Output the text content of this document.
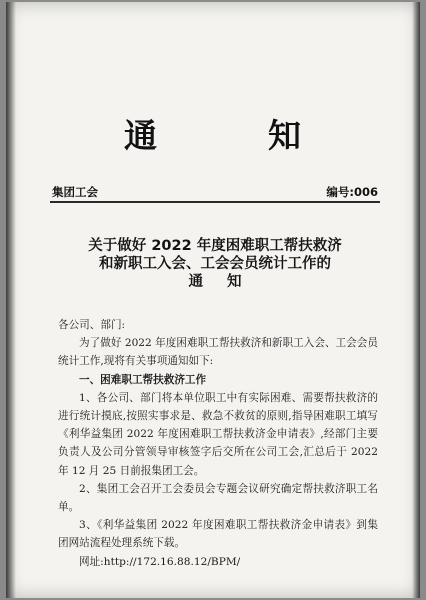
通	知
集团工会	编号:006
关于做好 2022 年度困难职工帮扶救济
和新职工入会、工会会员统计工作的
通知

各公司、部门:

为了做好 2022 年度困难职工帮扶救济和新职工入会、工会会员统计工作,现将有关事项通知如下:

一、困难职工帮扶救济工作

1、各公司、部门将本单位职工中有实际困难、需要帮扶救济的进行统计摸底,按照实事求是、救急不救贫的原则,指导困难职工填写《利华益集团 2022 年度困难职工帮扶救济金申请表》,经部门主要负责人及公司分管领导审核签字后交所在公司工会,汇总后于 2022 年 12 月 25 日前报集团工会。

2、集团工会召开工会委员会专题会议研究确定帮扶救济职工名单。

3、《利华益集团 2022 年度困难职工帮扶救济金申请表》到集团网站流程处理系统下载。

网址:http://172.16.88.12/BPM/
